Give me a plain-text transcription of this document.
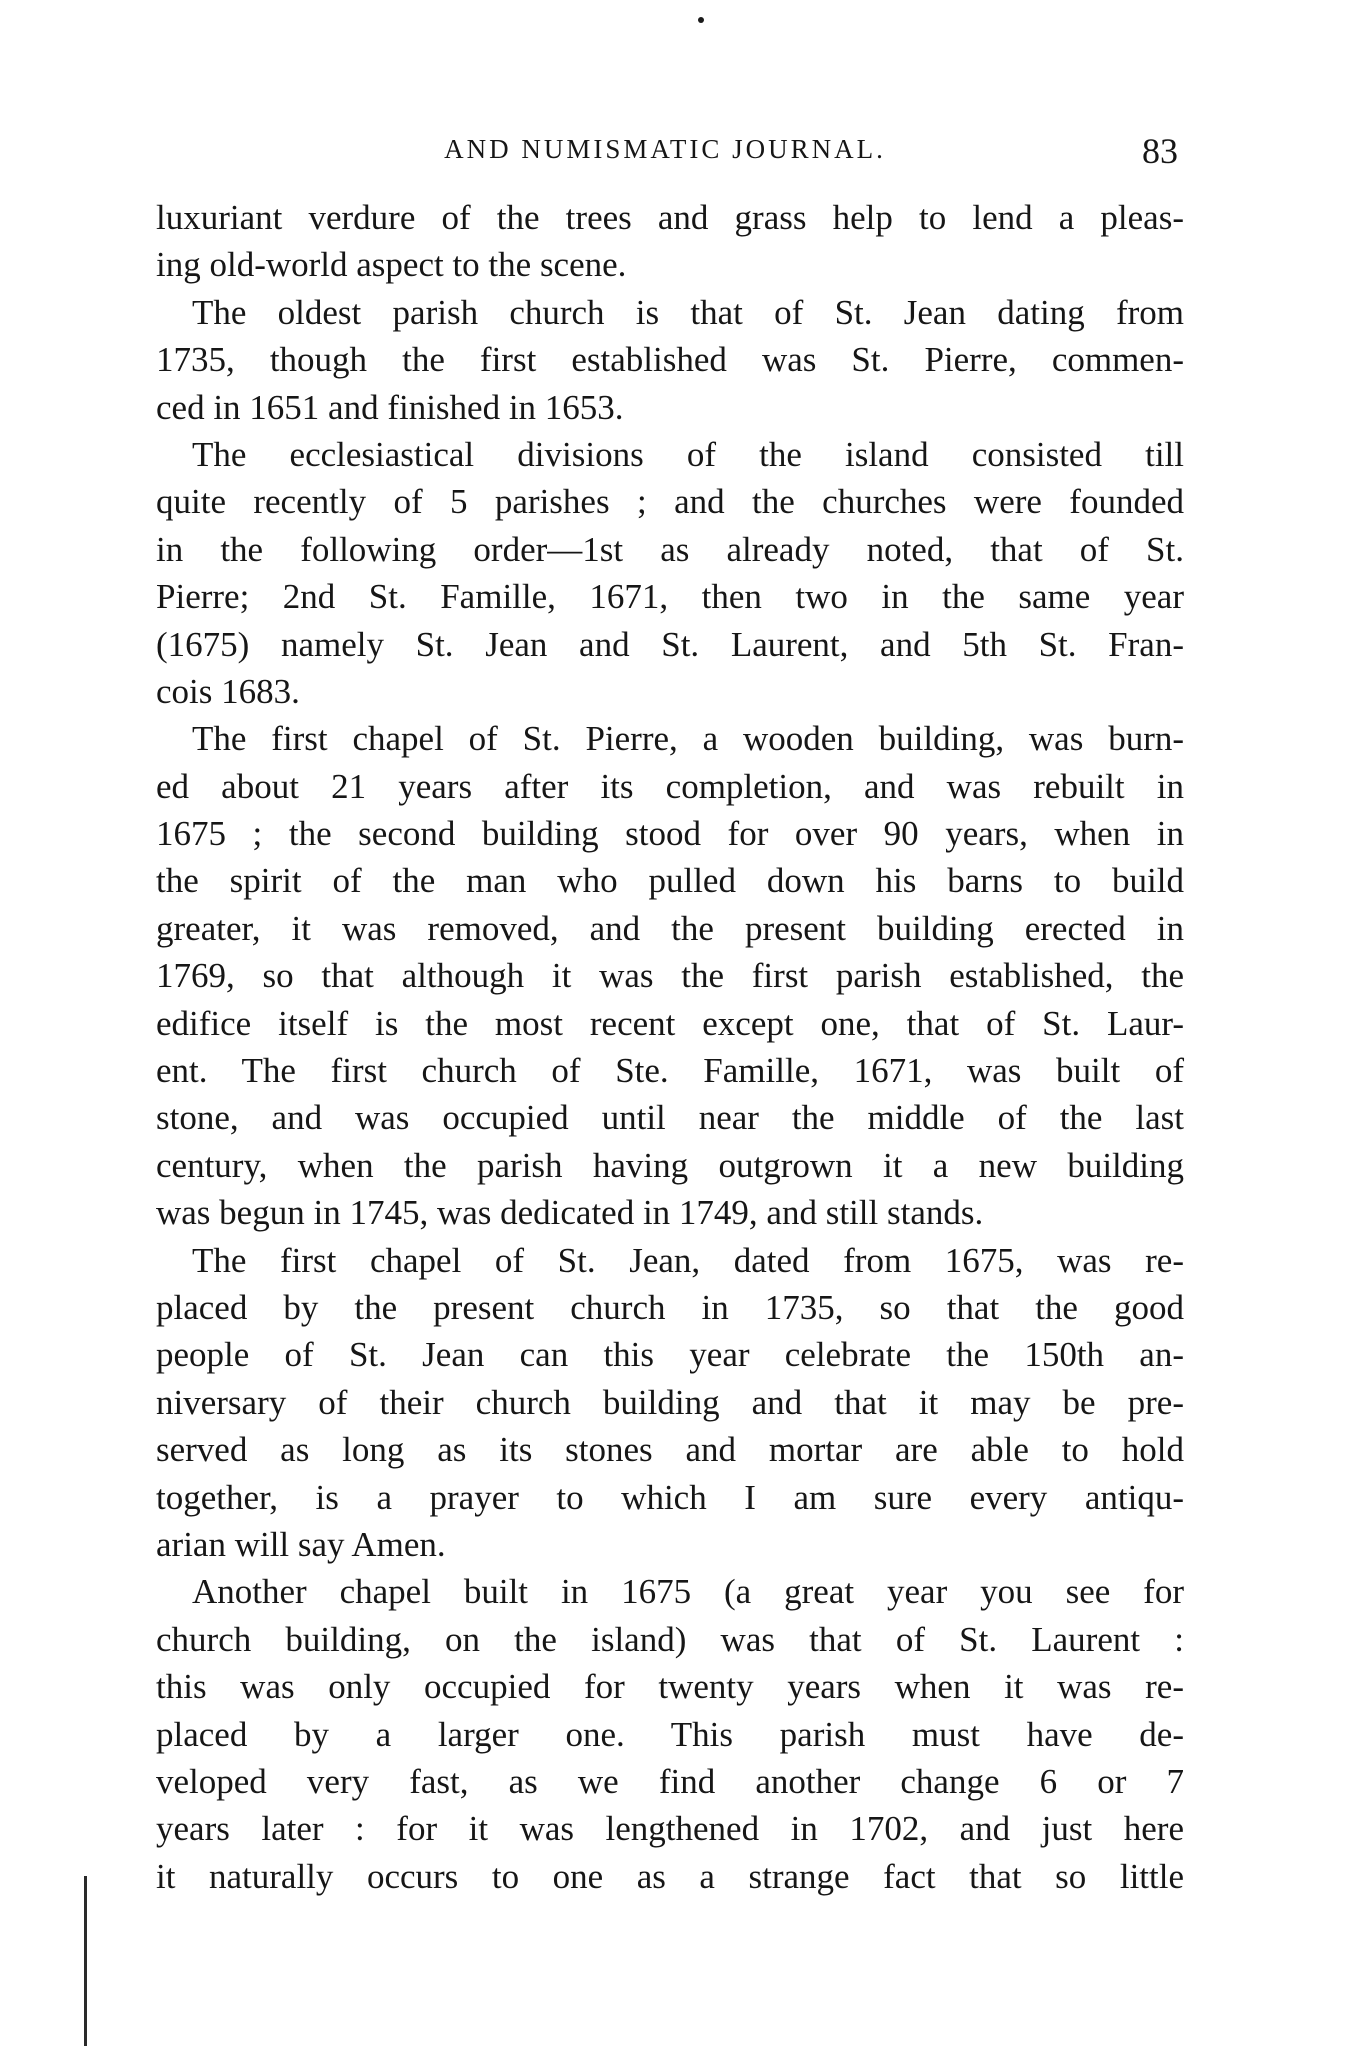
AND NUMISMATIC JOURNAL.	83
luxuriant verdure of the trees and grass help to lend a pleas-
ing old-world aspect to the scene.
The oldest parish church is that of St. Jean dating from
1735, though the first established was St. Pierre, commen-
ced in 1651 and finished in 1653.
The ecclesiastical divisions of the island consisted till
quite recently of 5 parishes ; and the churches were founded
in the following order—1st as already noted, that of St.
Pierre; 2nd St. Famille, 1671, then two in the same year
(1675) namely St. Jean and St. Laurent, and 5th St. Fran-
cois 1683.
The first chapel of St. Pierre, a wooden building, was burn-
ed about 21 years after its completion, and was rebuilt in
1675 ; the second building stood for over 90 years, when in
the spirit of the man who pulled down his barns to build
greater, it was removed, and the present building erected in
1769, so that although it was the first parish established, the
edifice itself is the most recent except one, that of St. Laur-
ent. The first church of Ste. Famille, 1671, was built of
stone, and was occupied until near the middle of the last
century, when the parish having outgrown it a new building
was begun in 1745, was dedicated in 1749, and still stands.
The first chapel of St. Jean, dated from 1675, was re-
placed by the present church in 1735, so that the good
people of St. Jean can this year celebrate the 150th an-
niversary of their church building and that it may be pre-
served as long as its stones and mortar are able to hold
together, is a prayer to which I am sure every antiqu-
arian will say Amen.
Another chapel built in 1675 (a great year you see for
church building, on the island) was that of St. Laurent :
this was only occupied for twenty years when it was re-
placed by a larger one. This parish must have de-
veloped very fast, as we find another change 6 or 7
years later : for it was lengthened in 1702, and just here
it naturally occurs to one as a strange fact that so little
